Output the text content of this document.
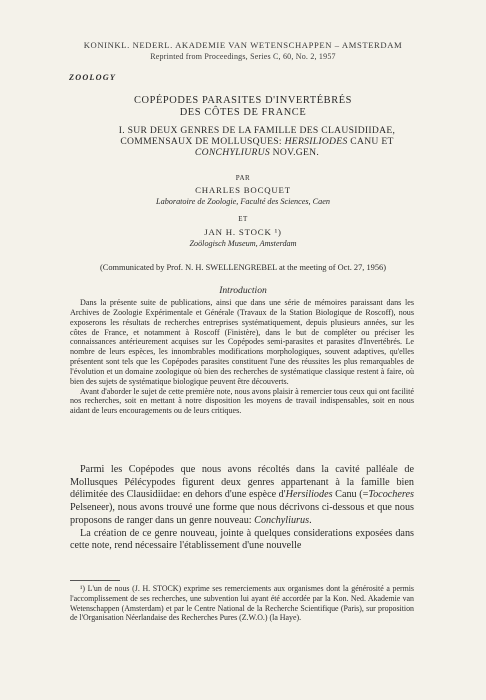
KONINKL. NEDERL. AKADEMIE VAN WETENSCHAPPEN – AMSTERDAM
Reprinted from Proceedings, Series C, 60, No. 2, 1957
ZOOLOGY
COPÉPODES PARASITES D'INVERTÉBRÉS
DES CÔTES DE FRANCE
I. SUR DEUX GENRES DE LA FAMILLE DES CLAUSIDIIDAE,
COMMENSAUX DE MOLLUSQUES: HERSILIODES CANU ET
CONCHYLIURUS NOV.GEN.
PAR
CHARLES BOCQUET
Laboratoire de Zoologie, Faculté des Sciences, Caen
ET
JAN H. STOCK ¹)
Zoölogisch Museum, Amsterdam
(Communicated by Prof. N. H. SWELLENGREBEL at the meeting of Oct. 27, 1956)
Introduction

Dans la présente suite de publications, ainsi que dans une série de mémoires paraissant dans les Archives de Zoologie Expérimentale et Générale (Travaux de la Station Biologique de Roscoff), nous exposerons les résultats de recherches entreprises systématiquement, depuis plusieurs années, sur les côtes de France, et notamment à Roscoff (Finistère), dans le but de compléter ou préciser les connaissances antérieurement acquises sur les Copépodes semi-parasites et parasites d'Invertébrés. Le nombre de leurs espèces, les innombrables modifications morphologiques, souvent adaptives, qu'elles présentent sont tels que les Copépodes parasites constituent l'une des réussites les plus remarquables de l'évolution et un domaine zoologique où bien des recherches de systématique classique restent à faire, où bien des sujets de systématique biologique peuvent être découverts.

Avant d'aborder le sujet de cette première note, nous avons plaisir à remercier tous ceux qui ont facilité nos recherches, soit en mettant à notre disposition les moyens de travail indispensables, soit en nous aidant de leurs encouragements ou de leurs critiques.

Parmi les Copépodes que nous avons récoltés dans la cavité palléale de Mollusques Pélécypodes figurent deux genres appartenant à la famille bien délimitée des Clausidiidae: en dehors d'une espèce d'Hersiliodes Canu (=Tococheres Pelseneer), nous avons trouvé une forme que nous décrivons ci-dessous et que nous proposons de ranger dans un genre nouveau: Conchyliurus.

La création de ce genre nouveau, jointe à quelques considerations exposées dans cette note, rend nécessaire l'établissement d'une nouvelle

¹) L'un de nous (J. H. STOCK) exprime ses remerciements aux organismes dont la générosité a permis l'accomplissement de ses recherches, une subvention lui ayant été accordée par la Kon. Ned. Akademie van Wetenschappen (Amsterdam) et par le Centre National de la Recherche Scientifique (Paris), sur proposition de l'Organisation Néerlandaise des Recherches Pures (Z.W.O.) (la Haye).
